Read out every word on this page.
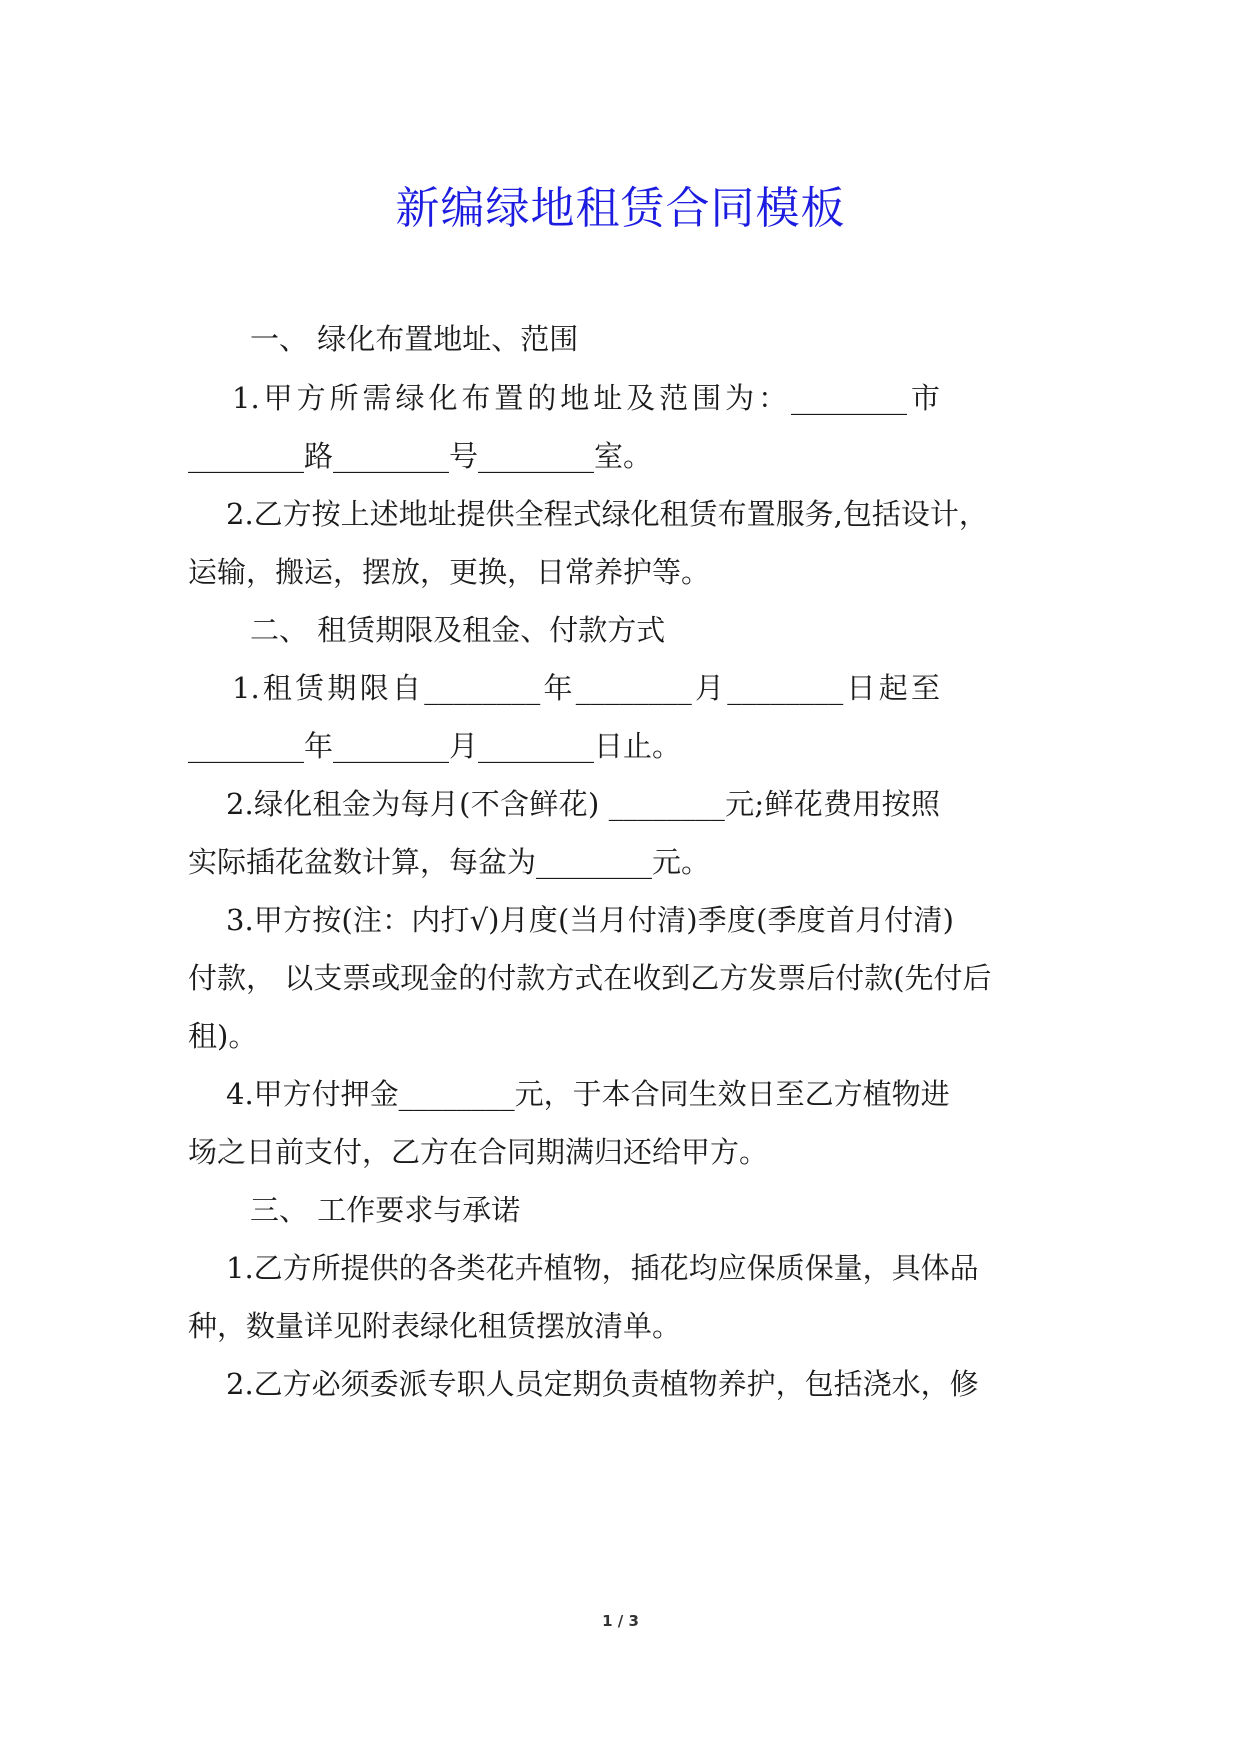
新编绿地租赁合同模板
一、 绿化布置地址、范围
1.甲方所需绿化布置的地址及范围为：________市
________路________号________室。
2.乙方按上述地址提供全程式绿化租赁布置服务,包括设计，
运输，搬运，摆放，更换，日常养护等。
二、 租赁期限及租金、付款方式
1.租赁期限自________年________月________日起至
________年________月________日止。
2.绿化租金为每月(不含鲜花) ________元;鲜花费用按照
实际插花盆数计算，每盆为________元。
3.甲方按(注：内打√)月度(当月付清)季度(季度首月付清)
付款， 以支票或现金的付款方式在收到乙方发票后付款(先付后
租)。
4.甲方付押金________元，于本合同生效日至乙方植物进
场之日前支付，乙方在合同期满归还给甲方。
三、 工作要求与承诺
1.乙方所提供的各类花卉植物，插花均应保质保量，具体品
种，数量详见附表绿化租赁摆放清单。
2.乙方必须委派专职人员定期负责植物养护，包括浇水，修
1 / 3
